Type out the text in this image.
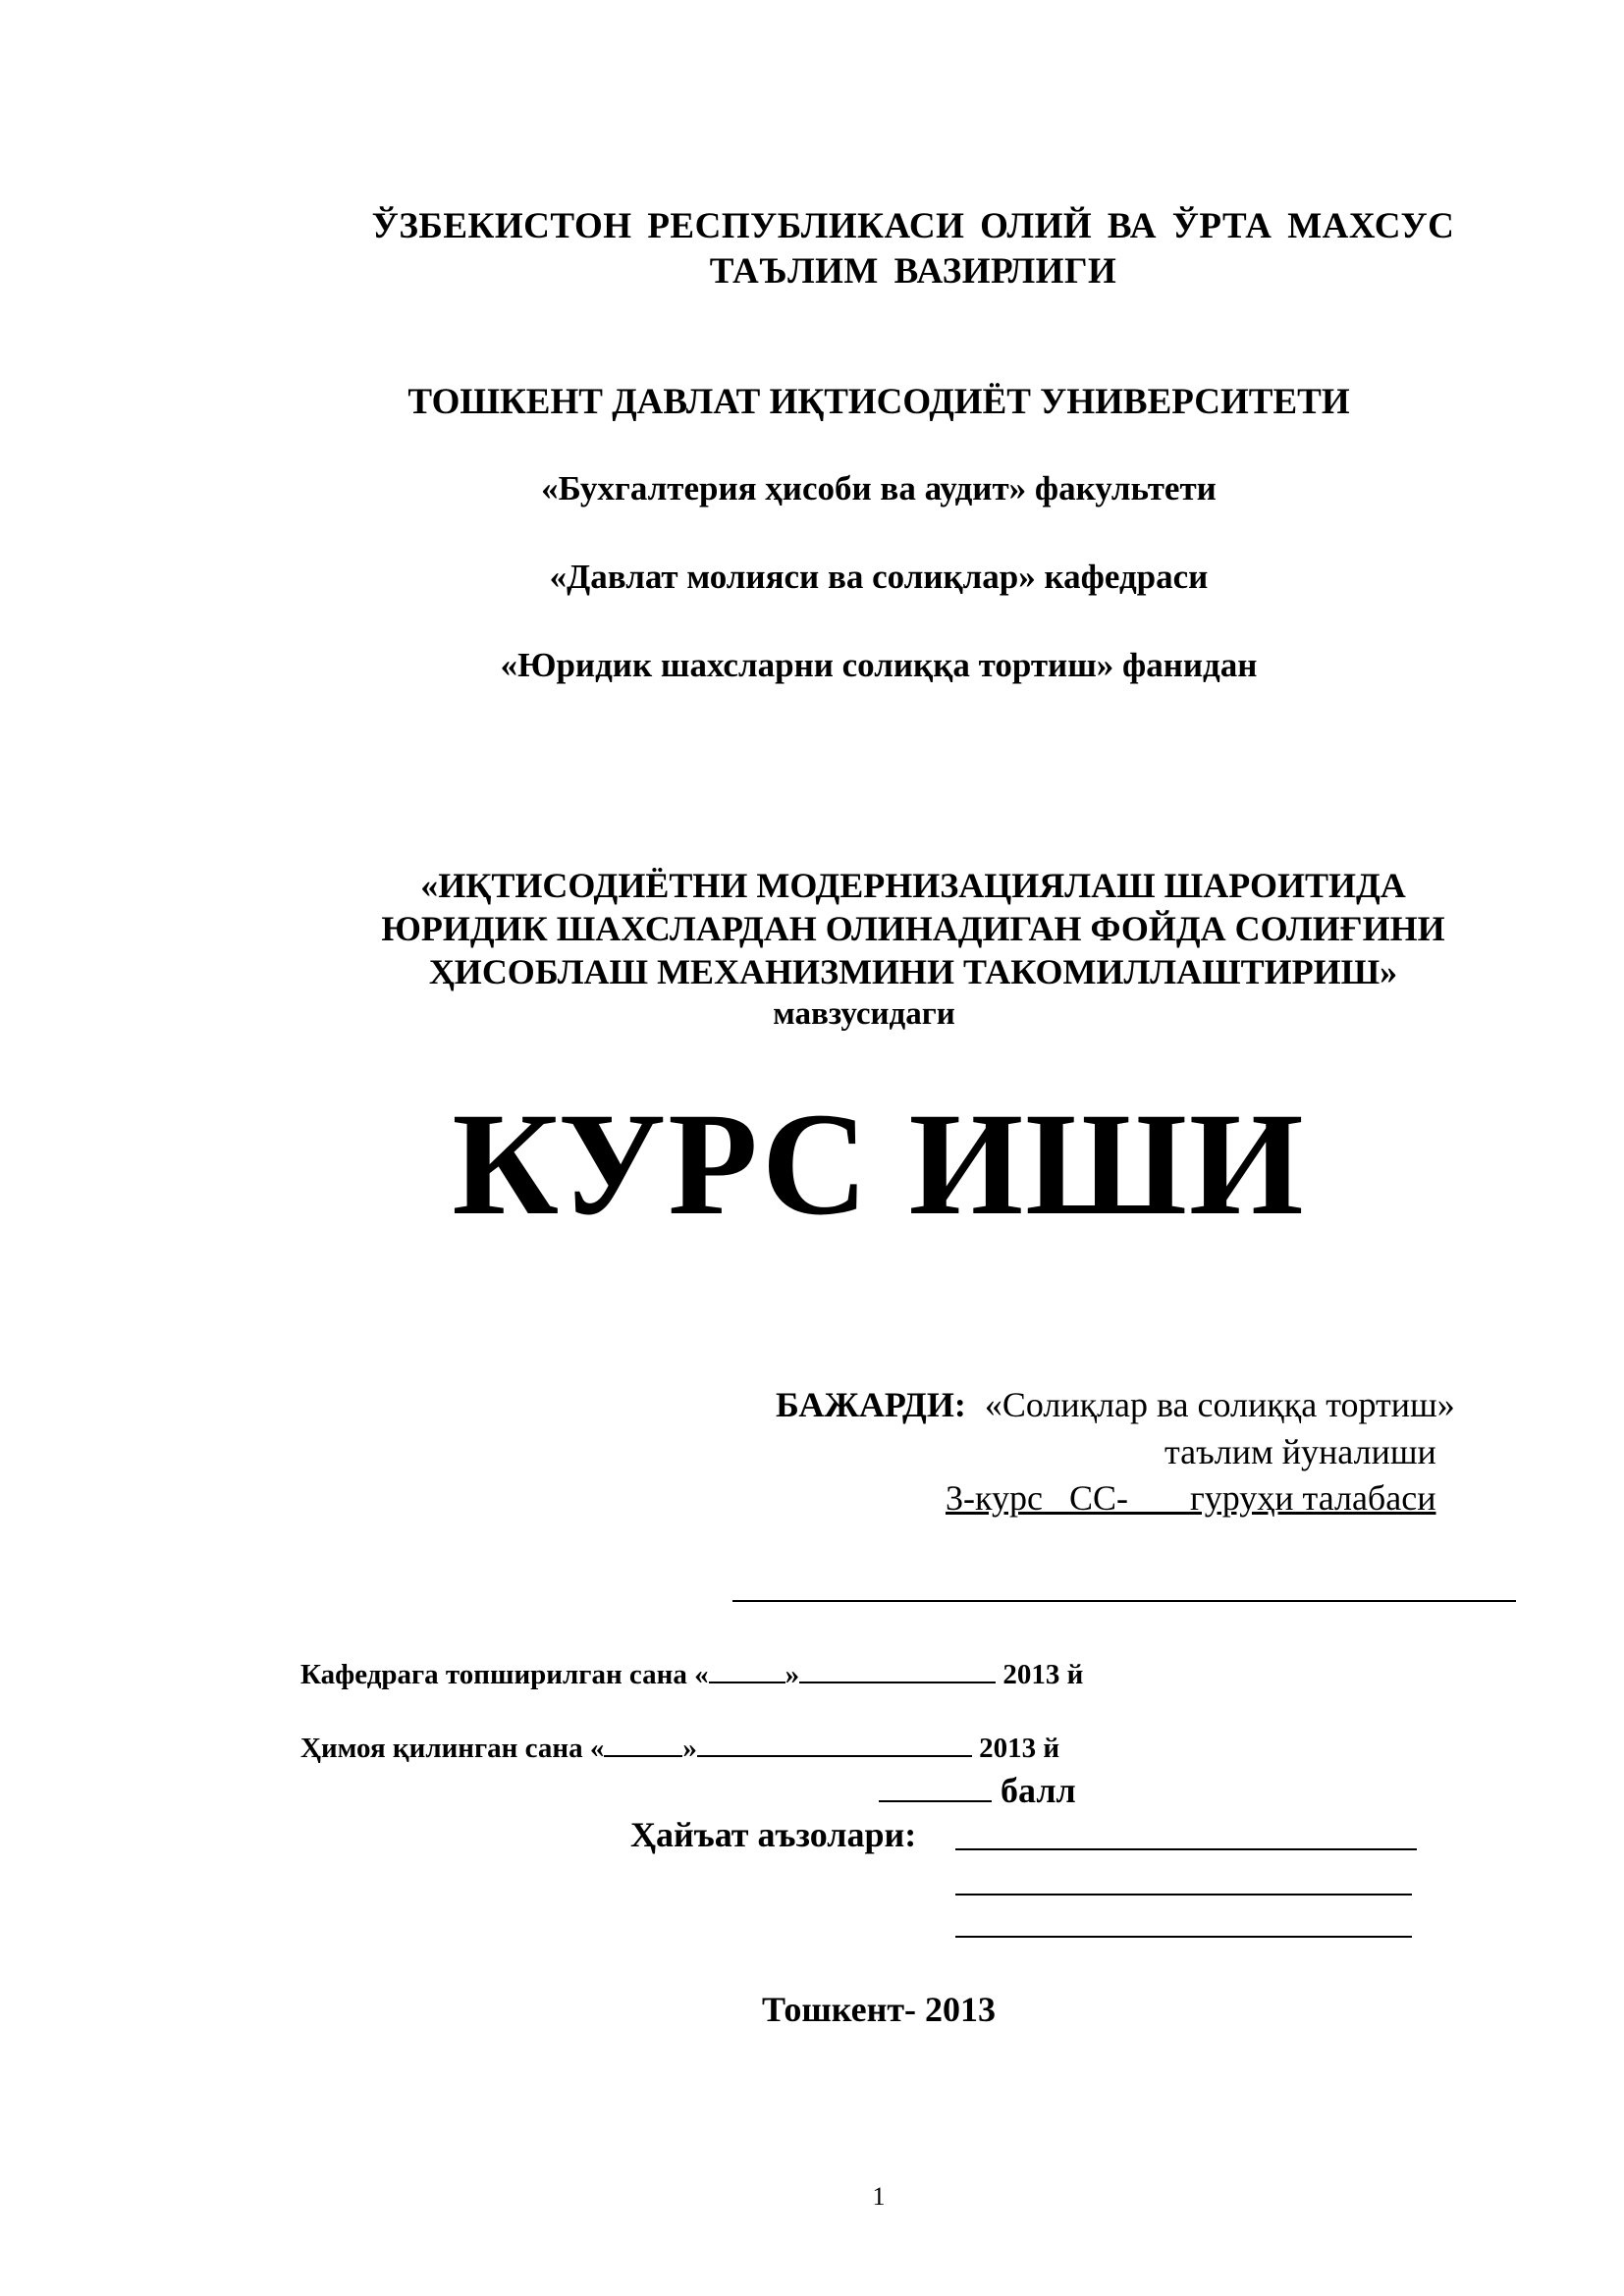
ЎЗБЕКИСТОН РЕСПУБЛИКАСИ ОЛИЙ ВА ЎРТА МАХСУС
ТАЪЛИМ ВАЗИРЛИГИ
ТОШКЕНТ ДАВЛАТ ИҚТИСОДИЁТ УНИВЕРСИТЕТИ
«Бухгалтерия ҳисоби ва аудит» факультети
«Давлат молияси ва солиқлар» кафедраси
«Юридик шахсларни солиққа тортиш» фанидан
«ИҚТИСОДИЁТНИ МОДЕРНИЗАЦИЯЛАШ ШАРОИТИДА
ЮРИДИК ШАХСЛАРДАН ОЛИНАДИГАН ФОЙДА СОЛИҒИНИ
ҲИСОБЛАШ МЕХАНИЗМИНИ ТАКОМИЛЛАШТИРИШ»
мавзусидаги
КУРС ИШИ
БАЖАРДИ: «Солиқлар ва солиққа тортиш»
таълим йуналиши
3-курс   СС-       гуруҳи талабаси
Кафедрага топширилган сана «	»	2013 й
Ҳимоя қилинган сана «	»	2013 й
балл
Ҳайъат аъзолари:
Тошкент- 2013
1
